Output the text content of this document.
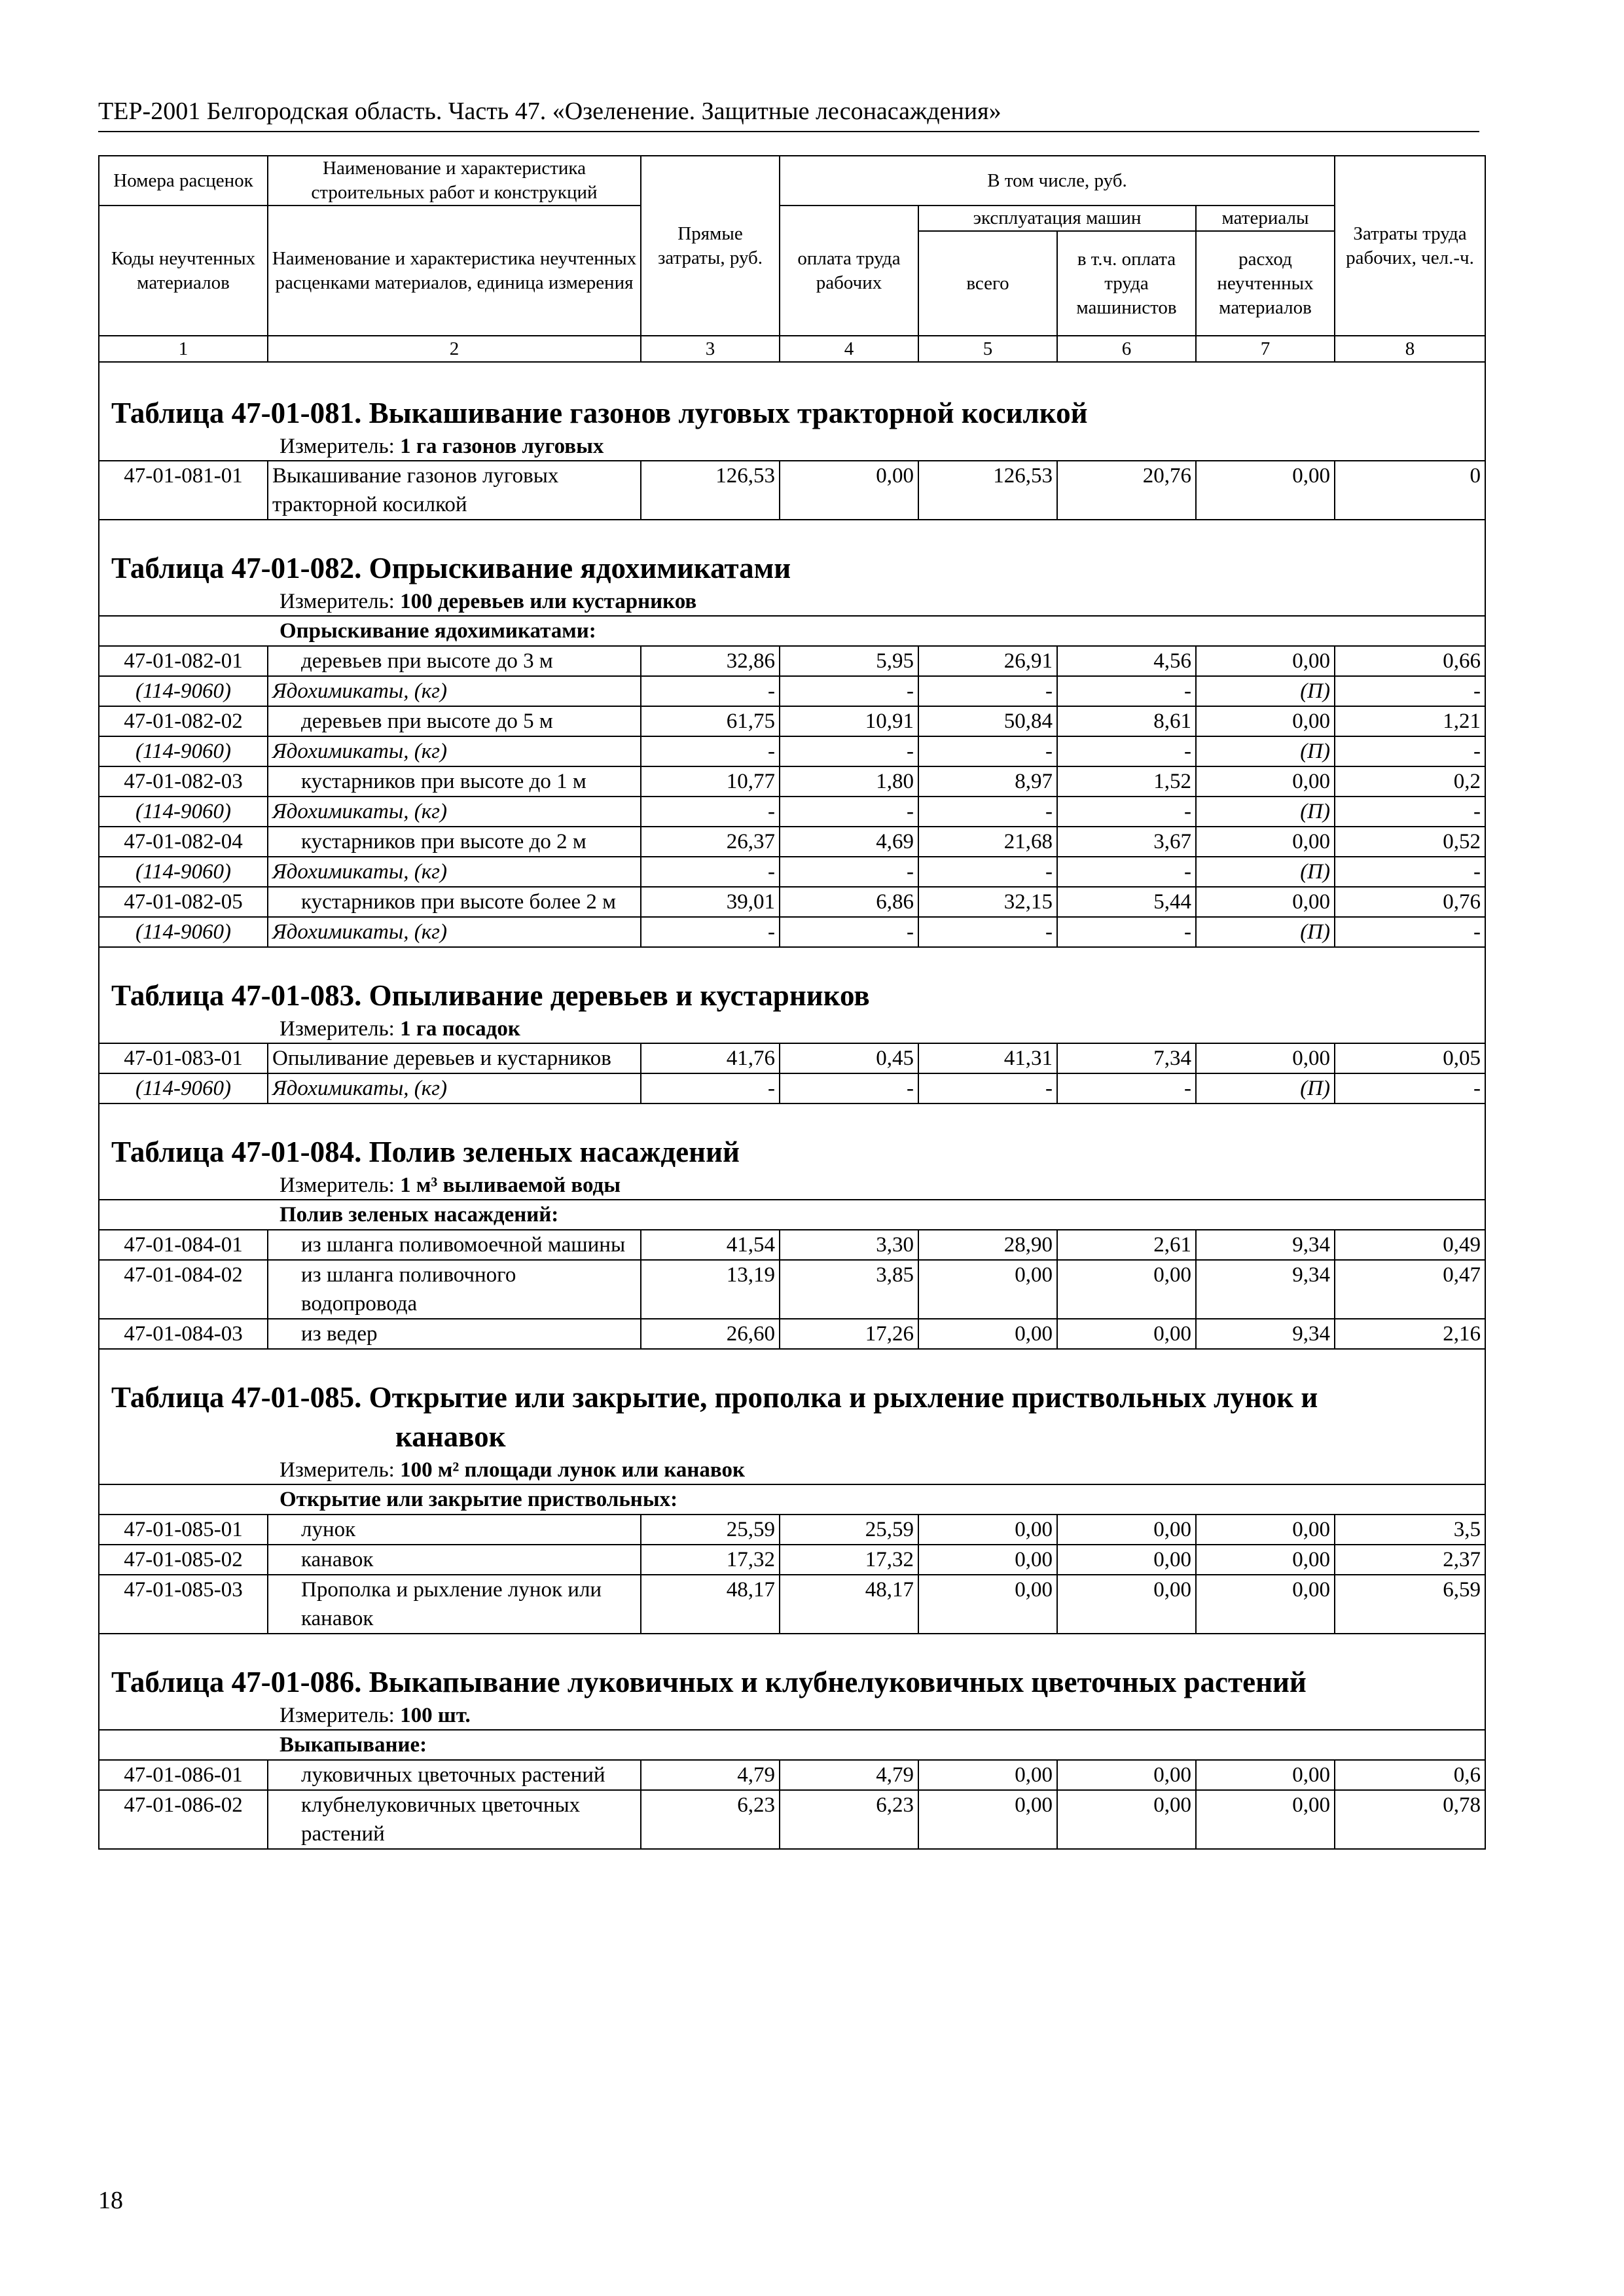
ТЕР-2001 Белгородская область. Часть 47. «Озеленение. Защитные лесонасаждения»
Номера расценок	Наименование и характеристика строительных работ и конструкций	Прямые затраты, руб.	В том числе, руб.				Затраты труда рабочих, чел.-ч.
Коды неучтенных материалов	Наименование и характеристика неучтенных расценками материалов, единица измерения		оплата труда рабочих	эксплуатация машин		материалы	
				всего	в т.ч. оплата труда машинистов	расход неучтенных материалов	
1	2	3	4	5	6	7	8

Таблица 47-01-081. Выкашивание газонов луговых тракторной косилкой							
Измеритель: 1 га газонов луговых							
47-01-081-01	Выкашивание газонов луговых тракторной косилкой	126,53	0,00	126,53	20,76	0,00	0

Таблица 47-01-082. Опрыскивание ядохимикатами							
Измеритель: 100 деревьев или кустарников							
Опрыскивание ядохимикатами:							
47-01-082-01	деревьев при высоте до 3 м	32,86	5,95	26,91	4,56	0,00	0,66
(114-9060)	Ядохимикаты, (кг)	-	-	-	-	(П)	-
47-01-082-02	деревьев при высоте до 5 м	61,75	10,91	50,84	8,61	0,00	1,21
(114-9060)	Ядохимикаты, (кг)	-	-	-	-	(П)	-
47-01-082-03	кустарников при высоте до 1 м	10,77	1,80	8,97	1,52	0,00	0,2
(114-9060)	Ядохимикаты, (кг)	-	-	-	-	(П)	-
47-01-082-04	кустарников при высоте до 2 м	26,37	4,69	21,68	3,67	0,00	0,52
(114-9060)	Ядохимикаты, (кг)	-	-	-	-	(П)	-
47-01-082-05	кустарников при высоте более 2 м	39,01	6,86	32,15	5,44	0,00	0,76
(114-9060)	Ядохимикаты, (кг)	-	-	-	-	(П)	-

Таблица 47-01-083. Опыливание деревьев и кустарников							
Измеритель: 1 га посадок							
47-01-083-01	Опыливание деревьев и кустарников	41,76	0,45	41,31	7,34	0,00	0,05
(114-9060)	Ядохимикаты, (кг)	-	-	-	-	(П)	-

Таблица 47-01-084. Полив зеленых насаждений							
Измеритель: 1 м³ выливаемой воды							
Полив зеленых насаждений:							
47-01-084-01	из шланга поливомоечной машины	41,54	3,30	28,90	2,61	9,34	0,49
47-01-084-02	из шланга поливочного водопровода	13,19	3,85	0,00	0,00	9,34	0,47
47-01-084-03	из ведер	26,60	17,26	0,00	0,00	9,34	2,16

Таблица 47-01-085. Открытие или закрытие, прополка и рыхление приствольных лунок и
канавок							

Измеритель: 100 м² площади лунок или канавок							
Открытие или закрытие приствольных:							
47-01-085-01	лунок	25,59	25,59	0,00	0,00	0,00	3,5
47-01-085-02	канавок	17,32	17,32	0,00	0,00	0,00	2,37
47-01-085-03	Прополка и рыхление лунок или канавок	48,17	48,17	0,00	0,00	0,00	6,59

Таблица 47-01-086. Выкапывание луковичных и клубнелуковичных цветочных растений							
Измеритель: 100 шт.							
Выкапывание:							
47-01-086-01	луковичных цветочных растений	4,79	4,79	0,00	0,00	0,00	0,6
47-01-086-02	клубнелуковичных цветочных растений	6,23	6,23	0,00	0,00	0,00	0,78
18
